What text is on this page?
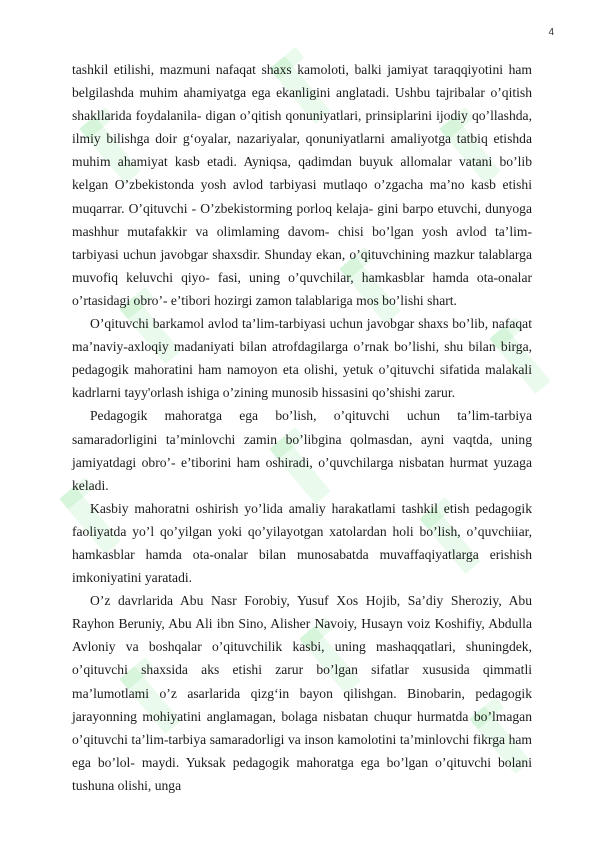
4

tashkil etilishi, mazmuni nafaqat shaxs kamoloti, balki jamiyat taraqqiyotini ham belgilashda muhim ahamiyatga ega ekanligini anglatadi. Ushbu tajribalar o’qitish shakllarida foydalanila- digan o’qitish qonuniyatlari, prinsiplarini ijodiy qo’llashda, ilmiy bilishga doir g‘oyalar, nazariyalar, qonuniyatlarni amaliyotga tatbiq etishda muhim ahamiyat kasb etadi. Ayniqsa, qadimdan buyuk allomalar vatani bo’lib kelgan O’zbekistonda yosh avlod tarbiyasi mutlaqo o’zgacha ma’no kasb etishi muqarrar. O’qituvchi - O’zbekistorming porloq kelaja- gini barpo etuvchi, dunyoga mashhur mutafakkir va olimlaming davom- chisi bo’lgan yosh avlod ta’lim-tarbiyasi uchun javobgar shaxsdir. Shunday ekan, o’qituvchining mazkur talablarga muvofiq keluvchi qiyo- fasi, uning o’quvchilar, hamkasblar hamda ota-onalar o’rtasidagi obro’- e’tibori hozirgi zamon talablariga mos bo’lishi shart.

O’qituvchi barkamol avlod ta’lim-tarbiyasi uchun javobgar shaxs bo’lib, nafaqat ma’naviy-axloqiy madaniyati bilan atrofdagilarga o’rnak bo’lishi, shu bilan birga, pedagogik mahoratini ham namoyon eta olishi, yetuk o’qituvchi sifatida malakali kadrlarni tayy'orlash ishiga o’zining munosib hissasini qo’shishi zarur.

Pedagogik mahoratga ega bo’lish, o’qituvchi uchun ta’lim-tarbiya samaradorligini ta’minlovchi zamin bo’libgina qolmasdan, ayni vaqtda, uning jamiyatdagi obro’- e’tiborini ham oshiradi, o’quvchilarga nisbatan hurmat yuzaga keladi.

Kasbiy mahoratni oshirish yo’lida amaliy harakatlami tashkil etish pedagogik faoliyatda yo’l qo’yilgan yoki qo’yilayotgan xatolardan holi bo’lish, o’quvchiiar, hamkasblar hamda ota-onalar bilan munosabatda muvaffaqiyatlarga erishish imkoniyatini yaratadi.

O’z davrlarida Abu Nasr Forobiy, Yusuf Xos Hojib, Sa’diy Sheroziy, Abu Rayhon Beruniy, Abu Ali ibn Sino, Alisher Navoiy, Husayn voiz Koshifiy, Abdulla Avloniy va boshqalar o’qituvchilik kasbi, uning mashaqqatlari, shuningdek, o’qituvchi shaxsida aks etishi zarur bo’lgan sifatlar xususida qimmatli ma’lumotlami o’z asarlarida qizg‘in bayon qilishgan. Binobarin, pedagogik jarayonning mohiyatini anglamagan, bolaga nisbatan chuqur hurmatda bo’lmagan o’qituvchi ta’lim-tarbiya samaradorligi va inson kamolotini ta’minlovchi fikrga ham ega bo’lol- maydi. Yuksak pedagogik mahoratga ega bo’lgan o’qituvchi bolani tushuna olishi, unga
